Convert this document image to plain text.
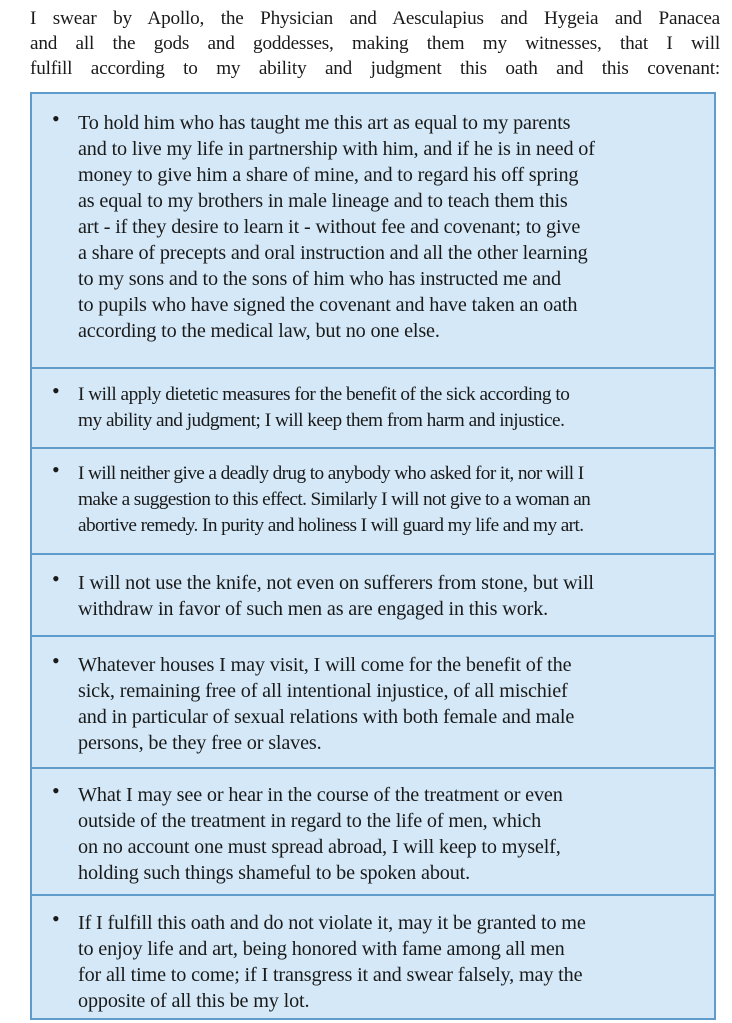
I swear by Apollo, the Physician and Aesculapius and Hygeia and Panacea
and all the gods and goddesses, making them my witnesses, that I will
fulfill according to my ability and judgment this oath and this covenant:
• To hold him who has taught me this art as equal to my parents
and to live my life in partnership with him, and if he is in need of
money to give him a share of mine, and to regard his off spring
as equal to my brothers in male lineage and to teach them this
art - if they desire to learn it - without fee and covenant; to give
a share of precepts and oral instruction and all the other learning
to my sons and to the sons of him who has instructed me and
to pupils who have signed the covenant and have taken an oath
according to the medical law, but no one else.
• I will apply dietetic measures for the benefit of the sick according to
my ability and judgment; I will keep them from harm and injustice.
• I will neither give a deadly drug to anybody who asked for it, nor will I
make a suggestion to this effect. Similarly I will not give to a woman an
abortive remedy. In purity and holiness I will guard my life and my art.
• I will not use the knife, not even on sufferers from stone, but will
withdraw in favor of such men as are engaged in this work.
• Whatever houses I may visit, I will come for the benefit of the
sick, remaining free of all intentional injustice, of all mischief
and in particular of sexual relations with both female and male
persons, be they free or slaves.
• What I may see or hear in the course of the treatment or even
outside of the treatment in regard to the life of men, which
on no account one must spread abroad, I will keep to myself,
holding such things shameful to be spoken about.
• If I fulfill this oath and do not violate it, may it be granted to me
to enjoy life and art, being honored with fame among all men
for all time to come; if I transgress it and swear falsely, may the
opposite of all this be my lot.
